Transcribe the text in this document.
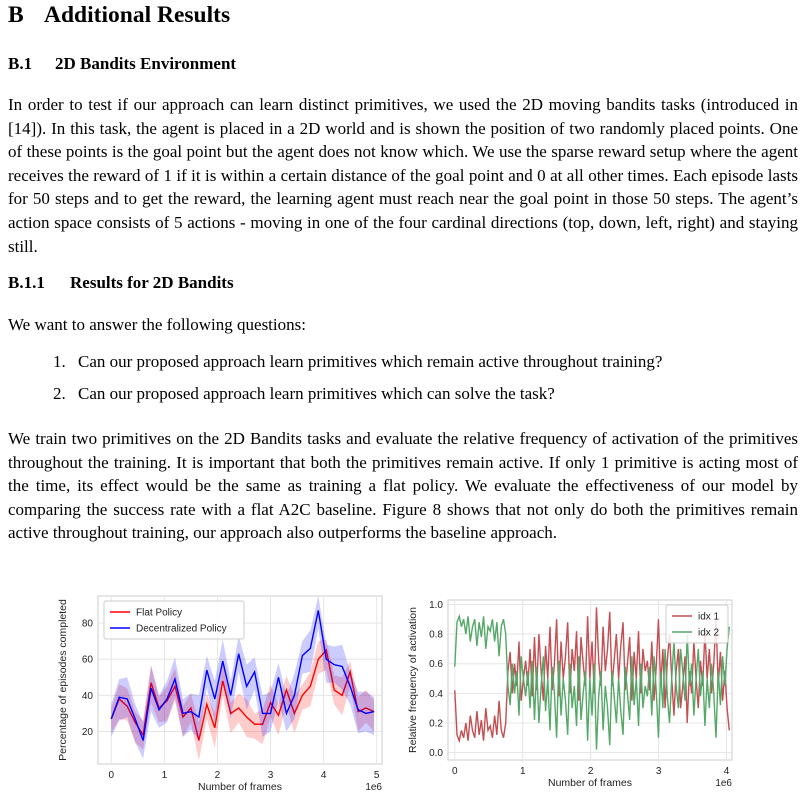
B Additional Results
B.1 2D Bandits Environment

In order to test if our approach can learn distinct primitives, we used the 2D moving bandits tasks (introduced in [14]). In this task, the agent is placed in a 2D world and is shown the position of two randomly placed points. One of these points is the goal point but the agent does not know which. We use the sparse reward setup where the agent receives the reward of 1 if it is within a certain distance of the goal point and 0 at all other times. Each episode lasts for 50 steps and to get the reward, the learning agent must reach near the goal point in those 50 steps. The agent’s action space consists of 5 actions - moving in one of the four cardinal directions (top, down, left, right) and staying still.

B.1.1 Results for 2D Bandits

We want to answer the following questions:

1. Can our proposed approach learn primitives which remain active throughout training?
2. Can our proposed approach learn primitives which can solve the task?

We train two primitives on the 2D Bandits tasks and evaluate the relative frequency of activation of the primitives throughout the training. It is important that both the primitives remain active. If only 1 primitive is acting most of the time, its effect would be the same as training a flat policy. We evaluate the effectiveness of our model by comparing the success rate with a flat A2C baseline. Figure 8 shows that not only do both the primitives remain active throughout training, our approach also outperforms the baseline approach.

0	1	2	3	4	5
20
40
60
80
Number of frames	1e6
Percentage of episodes completed	Flat Policy
Decentralized Policy
0	1	2	3	4
0.0
0.2
0.4
0.6
0.8
1.0
Number of frames	1e6
Relative frequency of activation	idx 1
idx 2
